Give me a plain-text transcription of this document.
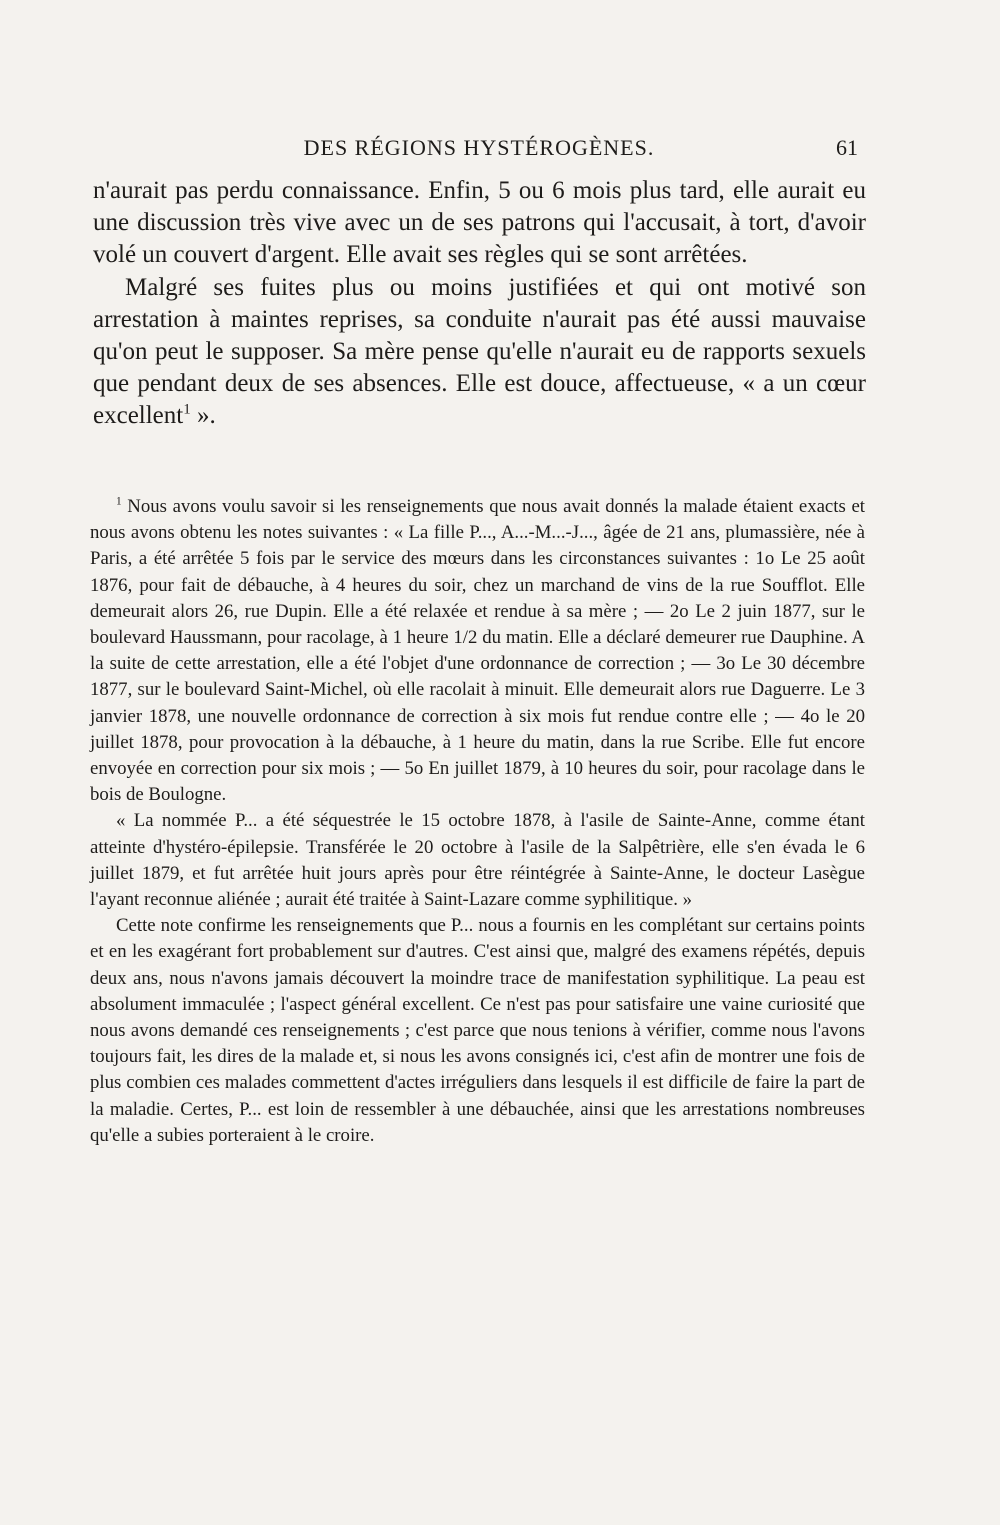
DES RÉGIONS HYSTÉROGÈNES.	61

n'aurait pas perdu connaissance. Enfin, 5 ou 6 mois plus tard, elle aurait eu une discussion très vive avec un de ses patrons qui l'accusait, à tort, d'avoir volé un couvert d'argent. Elle avait ses règles qui se sont arrêtées.

Malgré ses fuites plus ou moins justifiées et qui ont motivé son arrestation à maintes reprises, sa conduite n'aurait pas été aussi mauvaise qu'on peut le supposer. Sa mère pense qu'elle n'aurait eu de rapports sexuels que pendant deux de ses absences. Elle est douce, affectueuse, « a un cœur excellent$^1$ ».

$^1$ Nous avons voulu savoir si les renseignements que nous avait donnés la malade étaient exacts et nous avons obtenu les notes suivantes : « La fille P..., A...-M...-J..., âgée de 21 ans, plumassière, née à Paris, a été arrêtée 5 fois par le service des mœurs dans les circonstances suivantes : 1o Le 25 août 1876, pour fait de débauche, à 4 heures du soir, chez un marchand de vins de la rue Soufflot. Elle demeurait alors 26, rue Dupin. Elle a été relaxée et rendue à sa mère ; — 2o Le 2 juin 1877, sur le boulevard Haussmann, pour racolage, à 1 heure 1/2 du matin. Elle a déclaré demeurer rue Dauphine. A la suite de cette arrestation, elle a été l'objet d'une ordonnance de correction ; — 3o Le 30 décembre 1877, sur le boulevard Saint-Michel, où elle racolait à minuit. Elle demeurait alors rue Daguerre. Le 3 janvier 1878, une nouvelle ordonnance de correction à six mois fut rendue contre elle ; — 4o le 20 juillet 1878, pour provocation à la débauche, à 1 heure du matin, dans la rue Scribe. Elle fut encore envoyée en correction pour six mois ; — 5o En juillet 1879, à 10 heures du soir, pour racolage dans le bois de Boulogne.

« La nommée P... a été séquestrée le 15 octobre 1878, à l'asile de Sainte-Anne, comme étant atteinte d'hystéro-épilepsie. Transférée le 20 octobre à l'asile de la Salpêtrière, elle s'en évada le 6 juillet 1879, et fut arrêtée huit jours après pour être réintégrée à Sainte-Anne, le docteur Lasègue l'ayant reconnue aliénée ; aurait été traitée à Saint-Lazare comme syphilitique. »

Cette note confirme les renseignements que P... nous a fournis en les complétant sur certains points et en les exagérant fort probablement sur d'autres. C'est ainsi que, malgré des examens répétés, depuis deux ans, nous n'avons jamais découvert la moindre trace de manifestation syphilitique. La peau est absolument immaculée ; l'aspect général excellent. Ce n'est pas pour satisfaire une vaine curiosité que nous avons demandé ces renseignements ; c'est parce que nous tenions à vérifier, comme nous l'avons toujours fait, les dires de la malade et, si nous les avons consignés ici, c'est afin de montrer une fois de plus combien ces malades commettent d'actes irréguliers dans lesquels il est difficile de faire la part de la maladie. Certes, P... est loin de ressembler à une débauchée, ainsi que les arrestations nombreuses qu'elle a subies porteraient à le croire.
